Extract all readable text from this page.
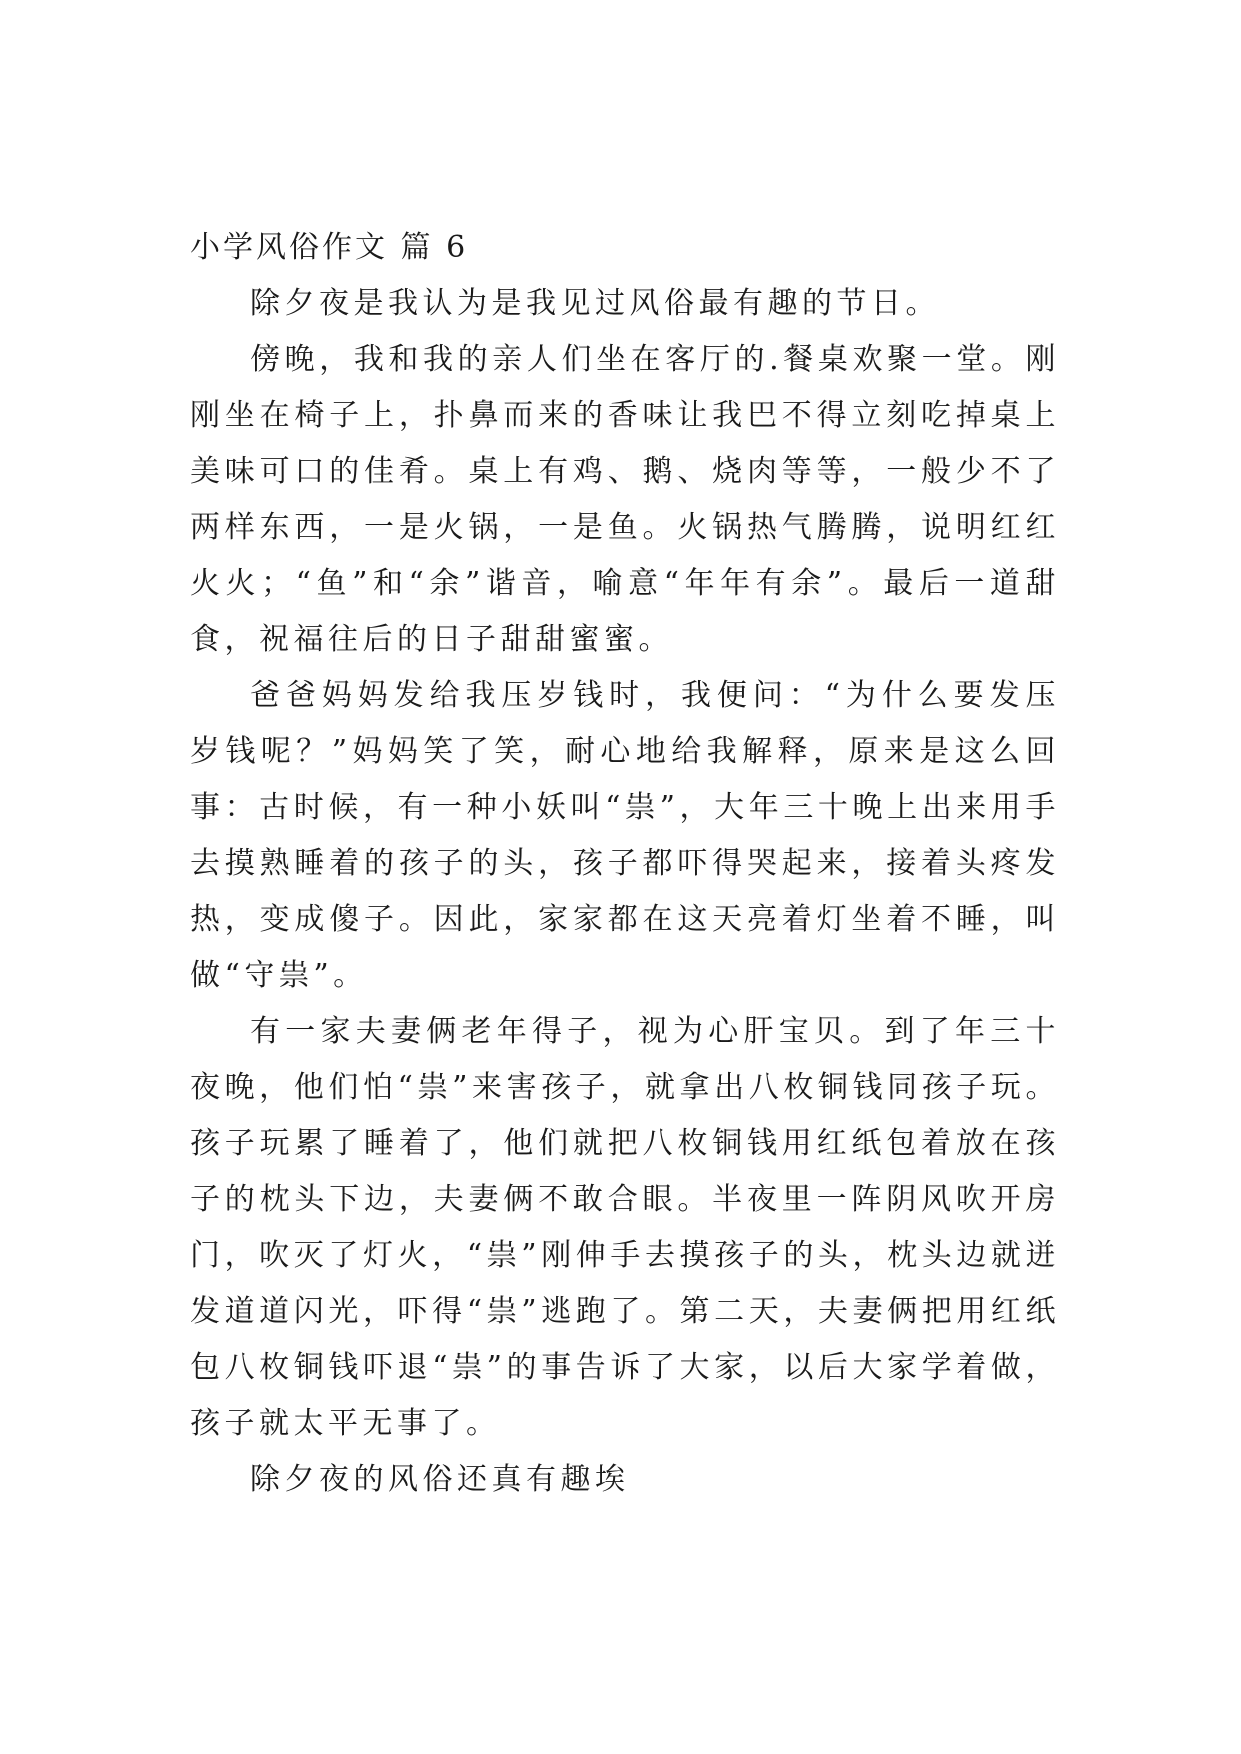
小学风俗作文 篇 6

除夕夜是我认为是我见过风俗最有趣的节日。

傍晚，我和我的亲人们坐在客厅的.餐桌欢聚一堂。刚刚坐在椅子上，扑鼻而来的香味让我巴不得立刻吃掉桌上美味可口的佳肴。桌上有鸡、鹅、烧肉等等，一般少不了两样东西，一是火锅，一是鱼。火锅热气腾腾，说明红红火火；“鱼”和“余”谐音，喻意“年年有余”。最后一道甜食，祝福往后的日子甜甜蜜蜜。

爸爸妈妈发给我压岁钱时，我便问：“为什么要发压岁钱呢？”妈妈笑了笑，耐心地给我解释，原来是这么回事：古时候，有一种小妖叫“祟”，大年三十晚上出来用手去摸熟睡着的孩子的头，孩子都吓得哭起来，接着头疼发热，变成傻子。因此，家家都在这天亮着灯坐着不睡，叫做“守祟”。

有一家夫妻俩老年得子，视为心肝宝贝。到了年三十夜晚，他们怕“祟”来害孩子，就拿出八枚铜钱同孩子玩。孩子玩累了睡着了，他们就把八枚铜钱用红纸包着放在孩子的枕头下边，夫妻俩不敢合眼。半夜里一阵阴风吹开房门，吹灭了灯火，“祟”刚伸手去摸孩子的头，枕头边就迸发道道闪光，吓得“祟”逃跑了。第二天，夫妻俩把用红纸包八枚铜钱吓退“祟”的事告诉了大家，以后大家学着做，孩子就太平无事了。

除夕夜的风俗还真有趣埃
